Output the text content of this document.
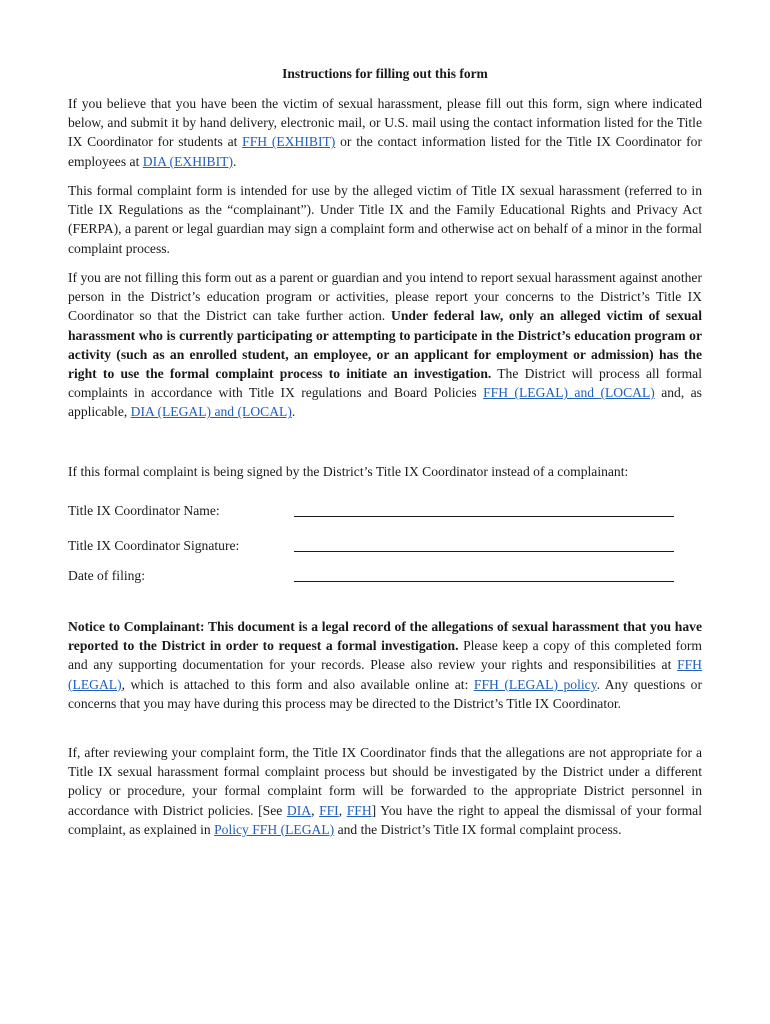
Instructions for filling out this form

If you believe that you have been the victim of sexual harassment, please fill out this form, sign where indicated below, and submit it by hand delivery, electronic mail, or U.S. mail using the contact information listed for the Title IX Coordinator for students at FFH (EXHIBIT) or the contact information listed for the Title IX Coordinator for employees at DIA (EXHIBIT).

This formal complaint form is intended for use by the alleged victim of Title IX sexual harassment (referred to in Title IX Regulations as the “complainant”). Under Title IX and the Family Educational Rights and Privacy Act (FERPA), a parent or legal guardian may sign a complaint form and otherwise act on behalf of a minor in the formal complaint process.

If you are not filling this form out as a parent or guardian and you intend to report sexual harassment against another person in the District’s education program or activities, please report your concerns to the District’s Title IX Coordinator so that the District can take further action. Under federal law, only an alleged victim of sexual harassment who is currently participating or attempting to participate in the District’s education program or activity (such as an enrolled student, an employee, or an applicant for employment or admission) has the right to use the formal complaint process to initiate an investigation. The District will process all formal complaints in accordance with Title IX regulations and Board Policies FFH (LEGAL) and (LOCAL) and, as applicable, DIA (LEGAL) and (LOCAL).

If this formal complaint is being signed by the District’s Title IX Coordinator instead of a complainant:

Title IX Coordinator Name:
Title IX Coordinator Signature:
Date of filing:

Notice to Complainant: This document is a legal record of the allegations of sexual harassment that you have reported to the District in order to request a formal investigation. Please keep a copy of this completed form and any supporting documentation for your records. Please also review your rights and responsibilities at FFH (LEGAL), which is attached to this form and also available online at: FFH (LEGAL) policy. Any questions or concerns that you may have during this process may be directed to the District’s Title IX Coordinator.

If, after reviewing your complaint form, the Title IX Coordinator finds that the allegations are not appropriate for a Title IX sexual harassment formal complaint process but should be investigated by the District under a different policy or procedure, your formal complaint form will be forwarded to the appropriate District personnel in accordance with District policies. [See DIA, FFI, FFH] You have the right to appeal the dismissal of your formal complaint, as explained in Policy FFH (LEGAL) and the District’s Title IX formal complaint process.
